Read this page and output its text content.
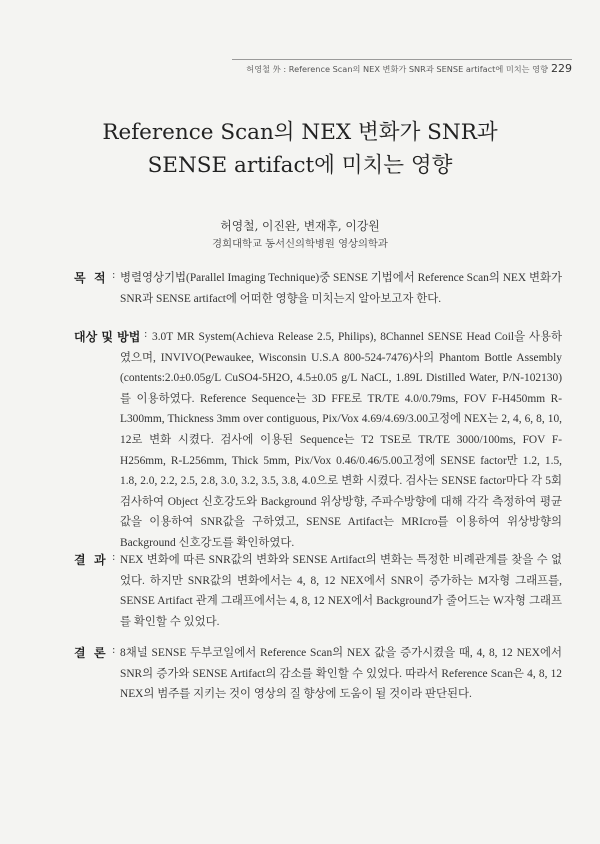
허영철 外 : Reference Scan의 NEX 변화가 SNR과 SENSE artifact에 미치는 영향 229
Reference Scan의 NEX 변화가 SNR과
SENSE artifact에 미치는 영향
허영철, 이진완, 변재후, 이강원
경희대학교 동서신의학병원 영상의학과
목  적 : 병렬영상기법(Parallel Imaging Technique)중 SENSE 기법에서 Reference Scan의 NEX 변화가 SNR과 SENSE artifact에 어떠한 영향을 미치는지 알아보고자 한다.
대상 및 방법 : 3.0T MR System(Achieva Release 2.5, Philips), 8Channel SENSE Head Coil을 사용하였으며, INVIVO(Pewaukee, Wisconsin U.S.A 800-524-7476)사의 Phantom Bottle Assembly (contents:2.0±0.05g/L CuSO4-5H2O, 4.5±0.05 g/L NaCL, 1.89L Distilled Water, P/N-102130)를 이용하였다. Reference Sequence는 3D FFE로 TR/TE 4.0/0.79ms, FOV F-H450mm R-L300mm, Thickness 3mm over contiguous, Pix/Vox 4.69/4.69/3.00고정에 NEX는 2, 4, 6, 8, 10, 12로 변화 시켰다. 검사에 이용된 Sequence는 T2 TSE로 TR/TE 3000/100ms, FOV F-H256mm, R-L256mm, Thick 5mm, Pix/Vox 0.46/0.46/5.00고정에 SENSE factor만 1.2, 1.5, 1.8, 2.0, 2.2, 2.5, 2.8, 3.0, 3.2, 3.5, 3.8, 4.0으로 변화 시켰다. 검사는 SENSE factor마다 각 5회 검사하여 Object 신호강도와 Background 위상방향, 주파수방향에 대해 각각 측정하여 평균값을 이용하여 SNR값을 구하였고, SENSE Artifact는 MRIcro를 이용하여 위상방향의 Background 신호강도를 확인하였다.
결  과 : NEX 변화에 따른 SNR값의 변화와 SENSE Artifact의 변화는 특정한 비례관계를 찾을 수 없었다. 하지만 SNR값의 변화에서는 4, 8, 12 NEX에서 SNR이 증가하는 M자형 그래프를, SENSE Artifact 관계 그래프에서는 4, 8, 12 NEX에서 Background가 줄어드는 W자형 그래프를 확인할 수 있었다.
결  론 : 8채널 SENSE 두부코일에서 Reference Scan의 NEX 값을 증가시켰을 때, 4, 8, 12 NEX에서 SNR의 증가와 SENSE Artifact의 감소를 확인할 수 있었다. 따라서 Reference Scan은 4, 8, 12 NEX의 범주를 지키는 것이 영상의 질 향상에 도움이 될 것이라 판단된다.
